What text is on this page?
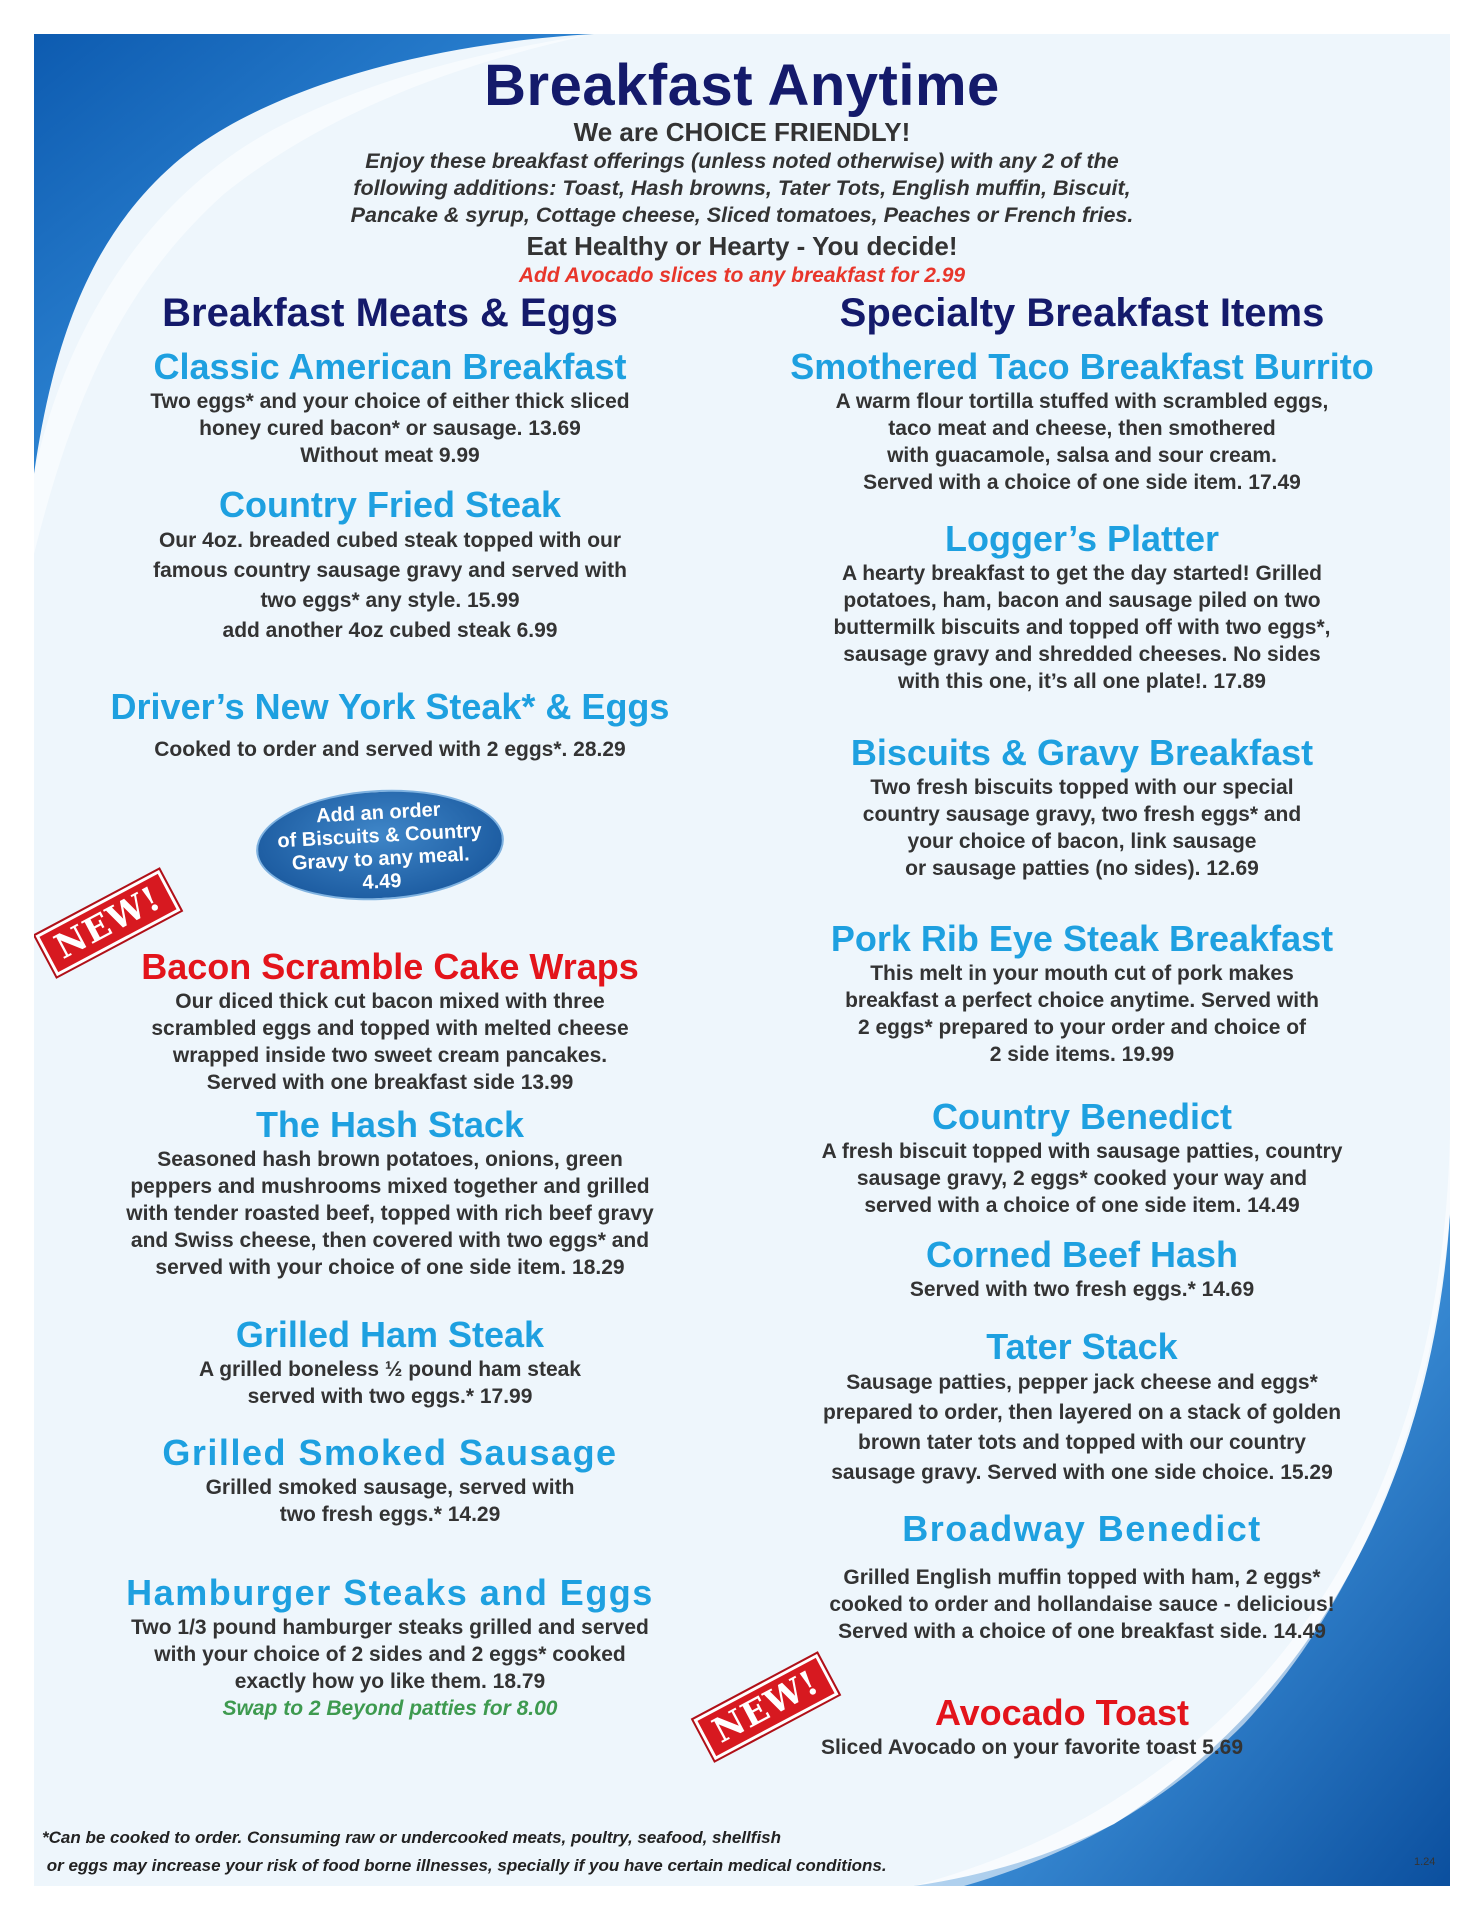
Breakfast Anytime
We are CHOICE FRIENDLY!
Enjoy these breakfast offerings (unless noted otherwise) with any 2 of the
following additions: Toast, Hash browns, Tater Tots, English muffin, Biscuit,
Pancake & syrup, Cottage cheese, Sliced tomatoes, Peaches or French fries.
Eat Healthy or Hearty - You decide!
Add Avocado slices to any breakfast for 2.99
Breakfast Meats & Eggs
Classic American Breakfast
Two eggs* and your choice of either thick sliced
honey cured bacon* or sausage. 13.69
Without meat 9.99
Country Fried Steak
Our 4oz. breaded cubed steak topped with our
famous country sausage gravy and served with
two eggs* any style. 15.99
add another 4oz cubed steak 6.99
Driver’s New York Steak* & Eggs
Cooked to order and served with 2 eggs*. 28.29
Bacon Scramble Cake Wraps
Our diced thick cut bacon mixed with three
scrambled eggs and topped with melted cheese
wrapped inside two sweet cream pancakes.
Served with one breakfast side 13.99
The Hash Stack
Seasoned hash brown potatoes, onions, green
peppers and mushrooms mixed together and grilled
with tender roasted beef, topped with rich beef gravy
and Swiss cheese, then covered with two eggs* and
served with your choice of one side item. 18.29
Grilled Ham Steak
A grilled boneless ½ pound ham steak
served with two eggs.* 17.99
Grilled Smoked Sausage
Grilled smoked sausage, served with
two fresh eggs.* 14.29
Hamburger Steaks and Eggs
Two 1/3 pound hamburger steaks grilled and served
with your choice of 2 sides and 2 eggs* cooked
exactly how yo like them. 18.79
Swap to 2 Beyond patties for 8.00
Add an order
of Biscuits & Country
Gravy to any meal.
4.49
NEW!
NEW!
Specialty Breakfast Items
Smothered Taco Breakfast Burrito
A warm flour tortilla stuffed with scrambled eggs,
taco meat and cheese, then smothered
with guacamole, salsa and sour cream.
Served with a choice of one side item. 17.49
Logger’s Platter
A hearty breakfast to get the day started! Grilled
potatoes, ham, bacon and sausage piled on two
buttermilk biscuits and topped off with two eggs*,
sausage gravy and shredded cheeses. No sides
with this one, it’s all one plate!. 17.89
Biscuits & Gravy Breakfast
Two fresh biscuits topped with our special
country sausage gravy, two fresh eggs* and
your choice of bacon, link sausage
or sausage patties (no sides). 12.69
Pork Rib Eye Steak Breakfast
This melt in your mouth cut of pork makes
breakfast a perfect choice anytime. Served with
2 eggs* prepared to your order and choice of
2 side items. 19.99
Country Benedict
A fresh biscuit topped with sausage patties, country
sausage gravy, 2 eggs* cooked your way and
served with a choice of one side item. 14.49
Corned Beef Hash
Served with two fresh eggs.* 14.69
Tater Stack
Sausage patties, pepper jack cheese and eggs*
prepared to order, then layered on a stack of golden
brown tater tots and topped with our country
sausage gravy. Served with one side choice. 15.29
Broadway Benedict
Grilled English muffin topped with ham, 2 eggs*
cooked to order and hollandaise sauce - delicious!
Served with a choice of one breakfast side. 14.49
Avocado Toast
Sliced Avocado on your favorite toast 5.69
*Can be cooked to order. Consuming raw or undercooked meats, poultry, seafood, shellfish
or eggs may increase your risk of food borne illnesses, specially if you have certain medical conditions.	1.24
